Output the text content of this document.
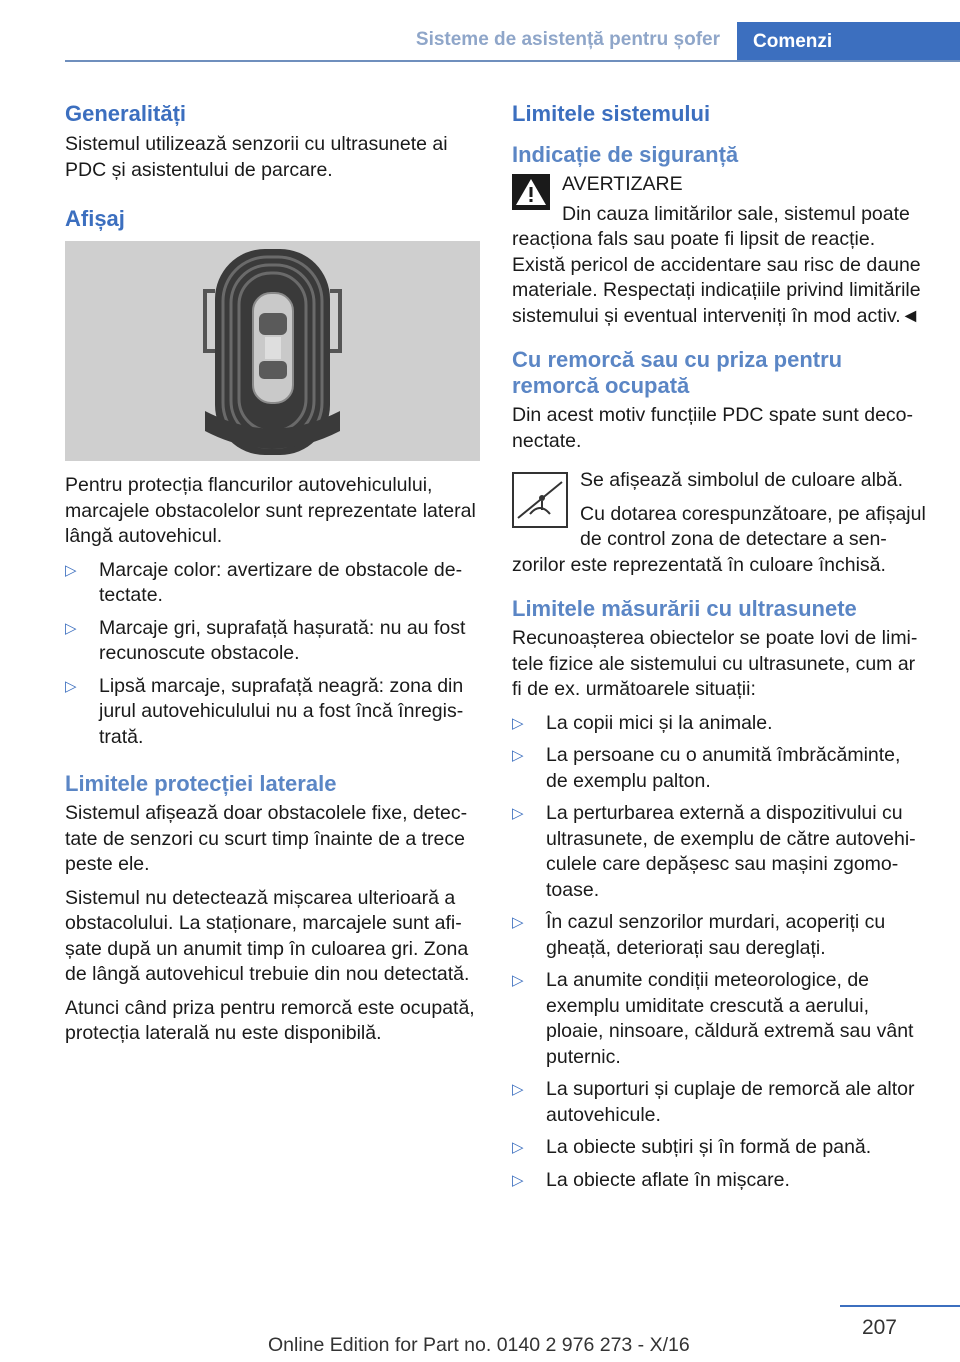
Sisteme de asistență pentru șofer	Comenzi
Generalități

Sistemul utilizează senzorii cu ultrasunete ai PDC și asistentului de parcare.

Afișaj

Pentru protecția flancurilor autovehiculului, marcajele obstacolelor sunt reprezentate lateral lângă autovehicul.

▷ Marcaje color: avertizare de obstacole detectate.
▷ Marcaje gri, suprafață hașurată: nu au fost recunoscute obstacole.
▷ Lipsă marcaje, suprafață neagră: zona din jurul autovehiculului nu a fost încă înregistrată.
Limitele protecției laterale

Sistemul afișează doar obstacolele fixe, detectate de senzori cu scurt timp înainte de a trece peste ele.

Sistemul nu detectează mișcarea ulterioară a obstacolului. La staționare, marcajele sunt afișate după un anumit timp în culoarea gri. Zona de lângă autovehicul trebuie din nou detectată.

Atunci când priza pentru remorcă este ocupată, protecția laterală nu este disponibilă.

Limitele sistemului
Indicație de siguranță

AVERTIZARE

Din cauza limitărilor sale, sistemul poate reacționa fals sau poate fi lipsit de reacție. Există pericol de accidentare sau risc de daune materiale. Respectați indicațiile privind limitările sistemului și eventual interveniți în mod activ.◄

Cu remorcă sau cu priza pentru remorcă ocupată

Din acest motiv funcțiile PDC spate sunt deconectate.

Se afișează simbolul de culoare albă.

Cu dotarea corespunzătoare, pe afișajul de control zona de detectare a senzorilor este reprezentată în culoare închisă.

Limitele măsurării cu ultrasunete

Recunoașterea obiectelor se poate lovi de limitele fizice ale sistemului cu ultrasunete, cum ar fi de ex. următoarele situații:

▷ La copii mici și la animale.
▷ La persoane cu o anumită îmbrăcăminte, de exemplu palton.
▷ La perturbarea externă a dispozitivului cu ultrasunete, de exemplu de către autovehiculele care depășesc sau mașini zgomotoase.
▷ În cazul senzorilor murdari, acoperiți cu gheață, deteriorați sau dereglați.
▷ La anumite condiții meteorologice, de exemplu umiditate crescută a aerului, ploaie, ninsoare, căldură extremă sau vânt puternic.
▷ La suporturi și cuplaje de remorcă ale altor autovehicule.
▷ La obiecte subțiri și în formă de pană.
▷ La obiecte aflate în mișcare.
207
Online Edition for Part no. 0140 2 976 273 - X/16
